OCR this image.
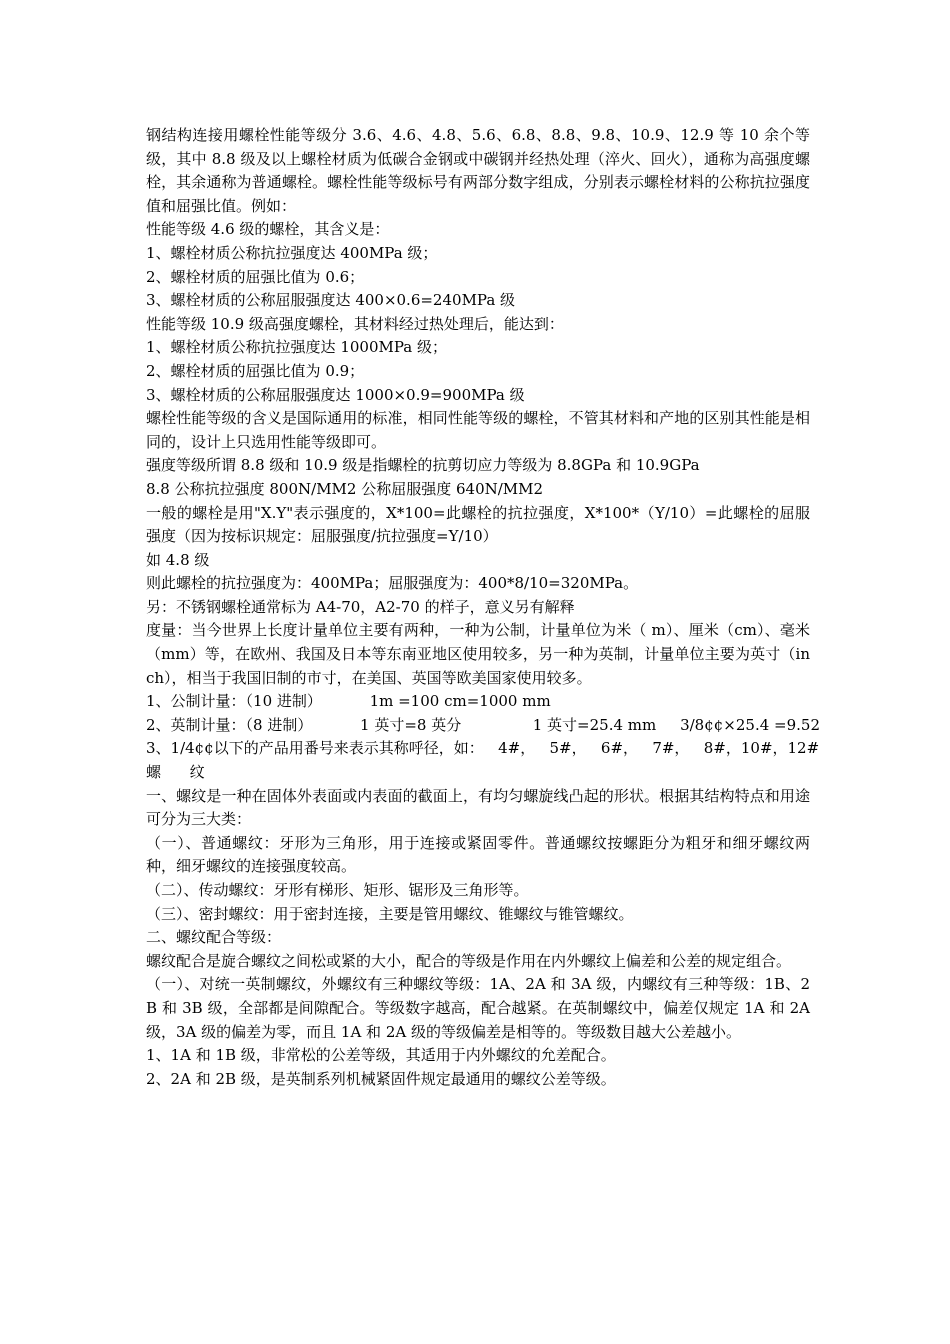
钢结构连接用螺栓性能等级分 3.6、4.6、4.8、5.6、6.8、8.8、9.8、10.9、12.9 等 10 余个等级，其中 8.8 级及以上螺栓材质为低碳合金钢或中碳钢并经热处理（淬火、回火），通称为高强度螺栓，其余通称为普通螺栓。螺栓性能等级标号有两部分数字组成，分别表示螺栓材料的公称抗拉强度值和屈强比值。例如：

性能等级 4.6 级的螺栓，其含义是：

1、螺栓材质公称抗拉强度达 400MPa 级；

2、螺栓材质的屈强比值为 0.6；

3、螺栓材质的公称屈服强度达 400×0.6=240MPa 级

性能等级 10.9 级高强度螺栓，其材料经过热处理后，能达到：

1、螺栓材质公称抗拉强度达 1000MPa 级；

2、螺栓材质的屈强比值为 0.9；

3、螺栓材质的公称屈服强度达 1000×0.9=900MPa 级

螺栓性能等级的含义是国际通用的标准，相同性能等级的螺栓，不管其材料和产地的区别其性能是相同的，设计上只选用性能等级即可。

强度等级所谓 8.8 级和 10.9 级是指螺栓的抗剪切应力等级为 8.8GPa 和 10.9GPa

8.8 公称抗拉强度 800N/MM2 公称屈服强度 640N/MM2

一般的螺栓是用"X.Y"表示强度的，X*100=此螺栓的抗拉强度，X*100*（Y/10）=此螺栓的屈服强度（因为按标识规定：屈服强度/抗拉强度=Y/10）

如 4.8 级

则此螺栓的抗拉强度为：400MPa；屈服强度为：400*8/10=320MPa。

另：不锈钢螺栓通常标为 A4-70，A2-70 的样子，意义另有解释

度量：当今世界上长度计量单位主要有两种，一种为公制，计量单位为米（ m）、厘米（cm）、毫米（mm）等，在欧州、我国及日本等东南亚地区使用较多，另一种为英制，计量单位主要为英寸（inch），相当于我国旧制的市寸，在美国、英国等欧美国家使用较多。

1、公制计量：（10 进制）          1m =100 cm=1000 mm

2、英制计量：（8 进制）          1 英寸=8 英分               1 英寸=25.4 mm     3/8¢¢×25.4 =9.52

3、1/4¢¢以下的产品用番号来表示其称呼径，如：   4#，   5#，   6#，   7#，   8#，10#，12#

螺      纹

一、螺纹是一种在固体外表面或内表面的截面上，有均匀螺旋线凸起的形状。根据其结构特点和用途可分为三大类：

（一）、普通螺纹：牙形为三角形，用于连接或紧固零件。普通螺纹按螺距分为粗牙和细牙螺纹两种，细牙螺纹的连接强度较高。

（二）、传动螺纹：牙形有梯形、矩形、锯形及三角形等。

（三）、密封螺纹：用于密封连接，主要是管用螺纹、锥螺纹与锥管螺纹。

二、螺纹配合等级：

螺纹配合是旋合螺纹之间松或紧的大小，配合的等级是作用在内外螺纹上偏差和公差的规定组合。

（一）、对统一英制螺纹，外螺纹有三种螺纹等级：1A、2A 和 3A 级，内螺纹有三种等级：1B、2B 和 3B 级，全部都是间隙配合。等级数字越高，配合越紧。在英制螺纹中，偏差仅规定 1A 和 2A 级，3A 级的偏差为零，而且 1A 和 2A 级的等级偏差是相等的。等级数目越大公差越小。

1、1A 和 1B 级，非常松的公差等级，其适用于内外螺纹的允差配合。

2、2A 和 2B 级，是英制系列机械紧固件规定最通用的螺纹公差等级。
